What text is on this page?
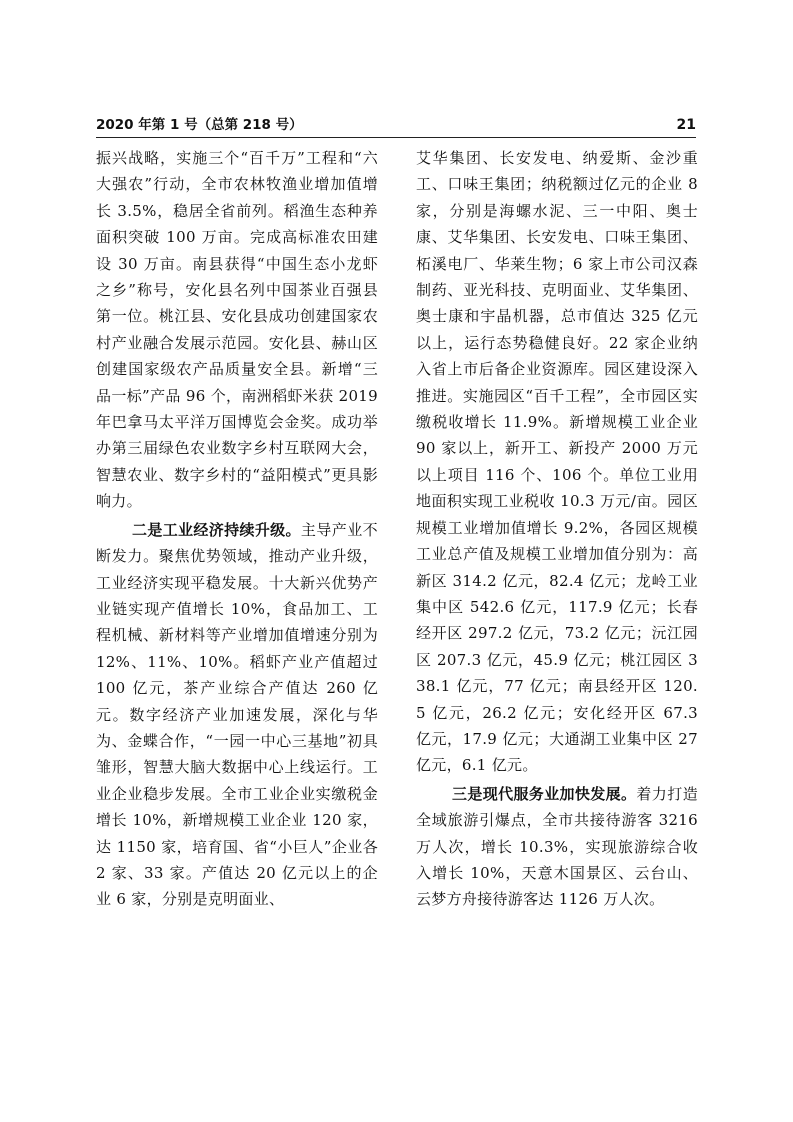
2020 年第 1 号（总第 218 号）	21

振兴战略，实施三个“百千万”工程和“六大强农”行动，全市农林牧渔业增加值增长 3.5%，稳居全省前列。稻渔生态种养面积突破 100 万亩。完成高标准农田建设 30 万亩。南县获得“中国生态小龙虾之乡”称号，安化县名列中国茶业百强县第一位。桃江县、安化县成功创建国家农村产业融合发展示范园。安化县、赫山区创建国家级农产品质量安全县。新增“三品一标”产品 96 个，南洲稻虾米获 2019 年巴拿马太平洋万国博览会金奖。成功举办第三届绿色农业数字乡村互联网大会，智慧农业、数字乡村的“益阳模式”更具影响力。

二是工业经济持续升级。主导产业不断发力。聚焦优势领域，推动产业升级，工业经济实现平稳发展。十大新兴优势产业链实现产值增长 10%，食品加工、工程机械、新材料等产业增加值增速分别为 12%、11%、10%。稻虾产业产值超过 100 亿元，茶产业综合产值达 260 亿元。数字经济产业加速发展，深化与华为、金蝶合作，“一园一中心三基地”初具雏形，智慧大脑大数据中心上线运行。工业企业稳步发展。全市工业企业实缴税金增长 10%，新增规模工业企业 120 家，达 1150 家，培育国、省“小巨人”企业各 2 家、33 家。产值达 20 亿元以上的企业 6 家，分别是克明面业、

艾华集团、长安发电、纳爱斯、金沙重工、口味王集团；纳税额过亿元的企业 8 家，分别是海螺水泥、三一中阳、奥士康、艾华集团、长安发电、口味王集团、柘溪电厂、华莱生物；6 家上市公司汉森制药、亚光科技、克明面业、艾华集团、奥士康和宇晶机器，总市值达 325 亿元以上，运行态势稳健良好。22 家企业纳入省上市后备企业资源库。园区建设深入推进。实施园区“百千工程”，全市园区实缴税收增长 11.9%。新增规模工业企业 90 家以上，新开工、新投产 2000 万元以上项目 116 个、106 个。单位工业用地面积实现工业税收 10.3 万元/亩。园区规模工业增加值增长 9.2%，各园区规模工业总产值及规模工业增加值分别为：高新区 314.2 亿元，82.4 亿元；龙岭工业集中区 542.6 亿元，117.9 亿元；长春经开区 297.2 亿元，73.2 亿元；沅江园区 207.3 亿元，45.9 亿元；桃江园区 338.1 亿元，77 亿元；南县经开区 120.5 亿元，26.2 亿元；安化经开区 67.3 亿元，17.9 亿元；大通湖工业集中区 27 亿元，6.1 亿元。

三是现代服务业加快发展。着力打造全域旅游引爆点，全市共接待游客 3216 万人次，增长 10.3%，实现旅游综合收入增长 10%，天意木国景区、云台山、云梦方舟接待游客达 1126 万人次。
